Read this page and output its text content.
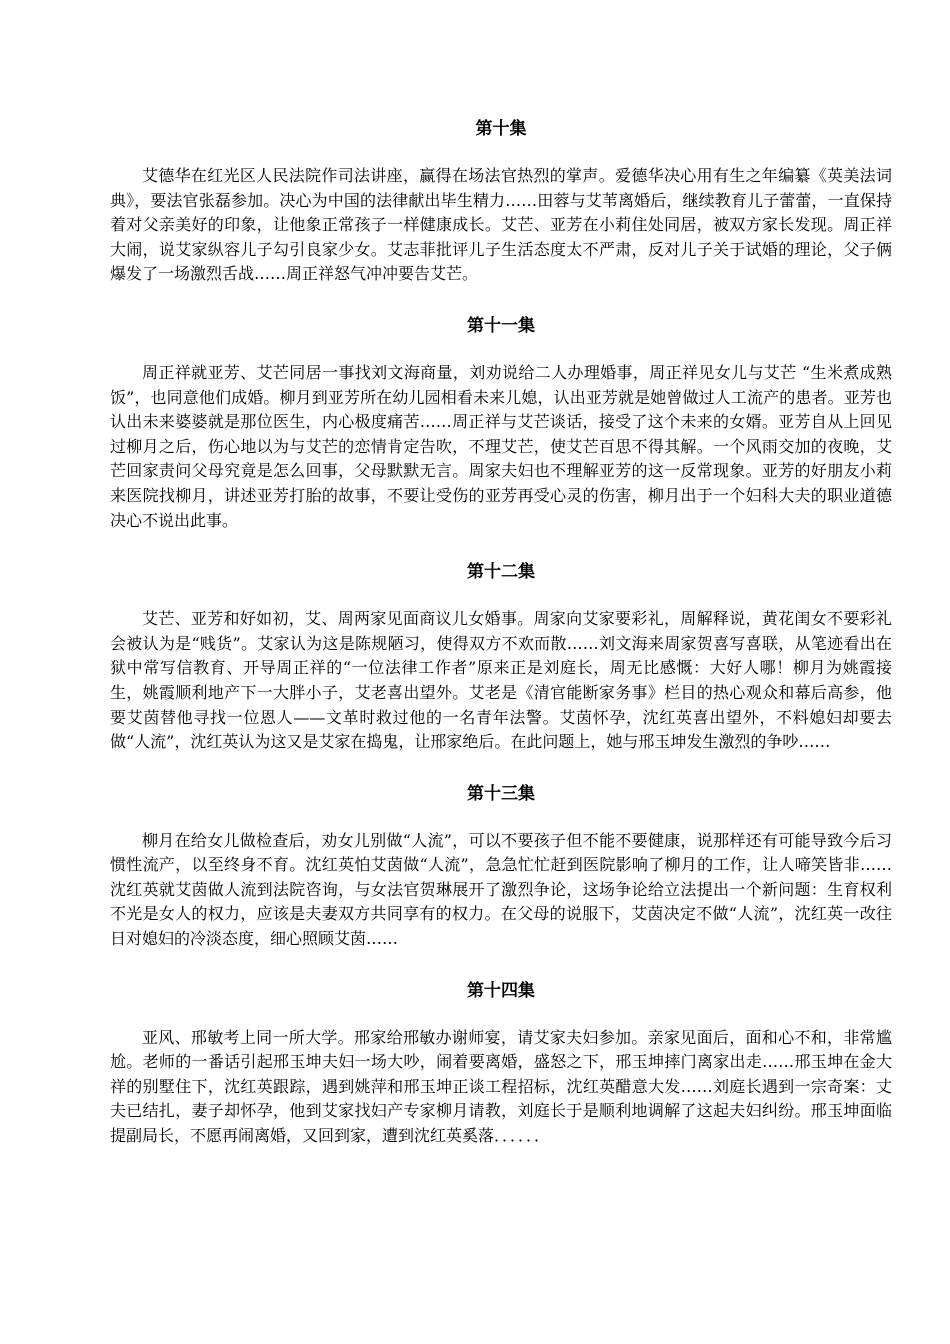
第十集

艾德华在红光区人民法院作司法讲座，赢得在场法官热烈的掌声。爱德华决心用有生之年编纂《英美法词典》，要法官张磊参加。决心为中国的法律献出毕生精力……田蓉与艾苇离婚后，继续教育儿子蕾蕾，一直保持着对父亲美好的印象，让他象正常孩子一样健康成长。艾芒、亚芳在小莉住处同居，被双方家长发现。周正祥大闹，说艾家纵容儿子勾引良家少女。艾志菲批评儿子生活态度太不严肃，反对儿子关于试婚的理论，父子俩爆发了一场激烈舌战……周正祥怒气冲冲要告艾芒。

第十一集

周正祥就亚芳、艾芒同居一事找刘文海商量，刘劝说给二人办理婚事，周正祥见女儿与艾芒 “生米煮成熟饭”，也同意他们成婚。柳月到亚芳所在幼儿园相看未来儿媳，认出亚芳就是她曾做过人工流产的患者。亚芳也认出未来婆婆就是那位医生，内心极度痛苦……周正祥与艾芒谈话，接受了这个未来的女婿。亚芳自从上回见过柳月之后，伤心地以为与艾芒的恋情肯定告吹，不理艾芒，使艾芒百思不得其解。一个风雨交加的夜晚，艾芒回家责问父母究竟是怎么回事，父母默默无言。周家夫妇也不理解亚芳的这一反常现象。亚芳的好朋友小莉来医院找柳月，讲述亚芳打胎的故事，不要让受伤的亚芳再受心灵的伤害，柳月出于一个妇科大夫的职业道德决心不说出此事。

第十二集

艾芒、亚芳和好如初，艾、周两家见面商议儿女婚事。周家向艾家要彩礼，周解释说，黄花闺女不要彩礼会被认为是“贱货”。艾家认为这是陈规陋习，使得双方不欢而散……刘文海来周家贺喜写喜联，从笔迹看出在狱中常写信教育、开导周正祥的“一位法律工作者”原来正是刘庭长，周无比感慨：大好人哪！柳月为姚霞接生，姚霞顺利地产下一大胖小子，艾老喜出望外。艾老是《清官能断家务事》栏目的热心观众和幕后高参，他要艾茵替他寻找一位恩人——文革时救过他的一名青年法警。艾茵怀孕，沈红英喜出望外，不料媳妇却要去做“人流”，沈红英认为这又是艾家在捣鬼，让邢家绝后。在此问题上，她与邢玉坤发生激烈的争吵……

第十三集

柳月在给女儿做检查后，劝女儿别做“人流”，可以不要孩子但不能不要健康，说那样还有可能导致今后习惯性流产，以至终身不育。沈红英怕艾茵做“人流”，急急忙忙赶到医院影响了柳月的工作，让人啼笑皆非……沈红英就艾茵做人流到法院咨询，与女法官贺琳展开了激烈争论，这场争论给立法提出一个新问题：生育权利不光是女人的权力，应该是夫妻双方共同享有的权力。在父母的说服下，艾茵决定不做“人流”，沈红英一改往日对媳妇的冷淡态度，细心照顾艾茵……

第十四集

亚风、邢敏考上同一所大学。邢家给邢敏办谢师宴，请艾家夫妇参加。亲家见面后，面和心不和，非常尴尬。老师的一番话引起邢玉坤夫妇一场大吵，闹着要离婚，盛怒之下，邢玉坤摔门离家出走……邢玉坤在金大祥的别墅住下，沈红英跟踪，遇到姚萍和邢玉坤正谈工程招标，沈红英醋意大发……刘庭长遇到一宗奇案：丈夫已结扎，妻子却怀孕，他到艾家找妇产专家柳月请教，刘庭长于是顺利地调解了这起夫妇纠纷。邢玉坤面临提副局长，不愿再闹离婚，又回到家，遭到沈红英奚落．．．．．．
